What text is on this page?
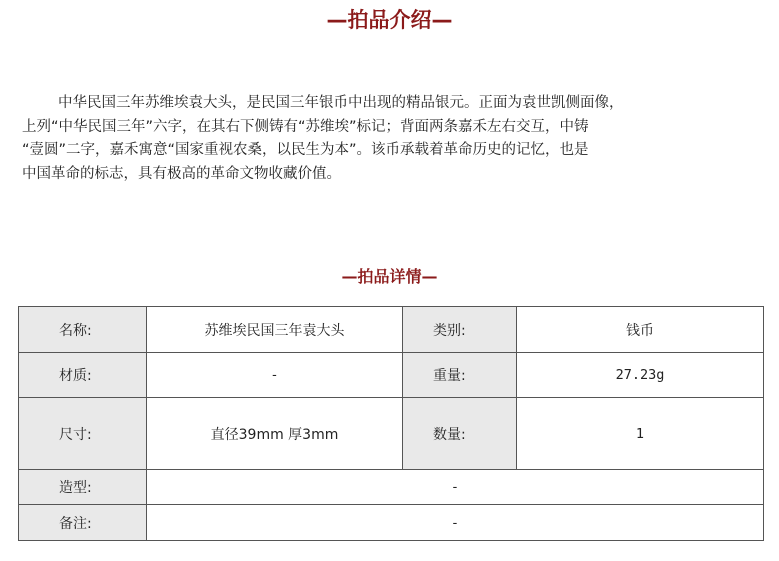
—拍品介绍—

中华民国三年苏维埃袁大头，是民国三年银币中出现的精品银元。正面为袁世凯侧面像，
上列“中华民国三年”六字，在其右下侧铸有“苏维埃”标记；背面两条嘉禾左右交互，中铸
“壹圆”二字，嘉禾寓意“国家重视农桑，以民生为本”。该币承载着革命历史的记忆，也是
中国革命的标志，具有极高的革命文物收藏价值。

—拍品详情—
名称:	苏维埃民国三年袁大头	类别:	钱币
材质:	-	重量:	27.23g
尺寸:	直径39mm 厚3mm	数量:	1
造型:	-		
备注:	-		
